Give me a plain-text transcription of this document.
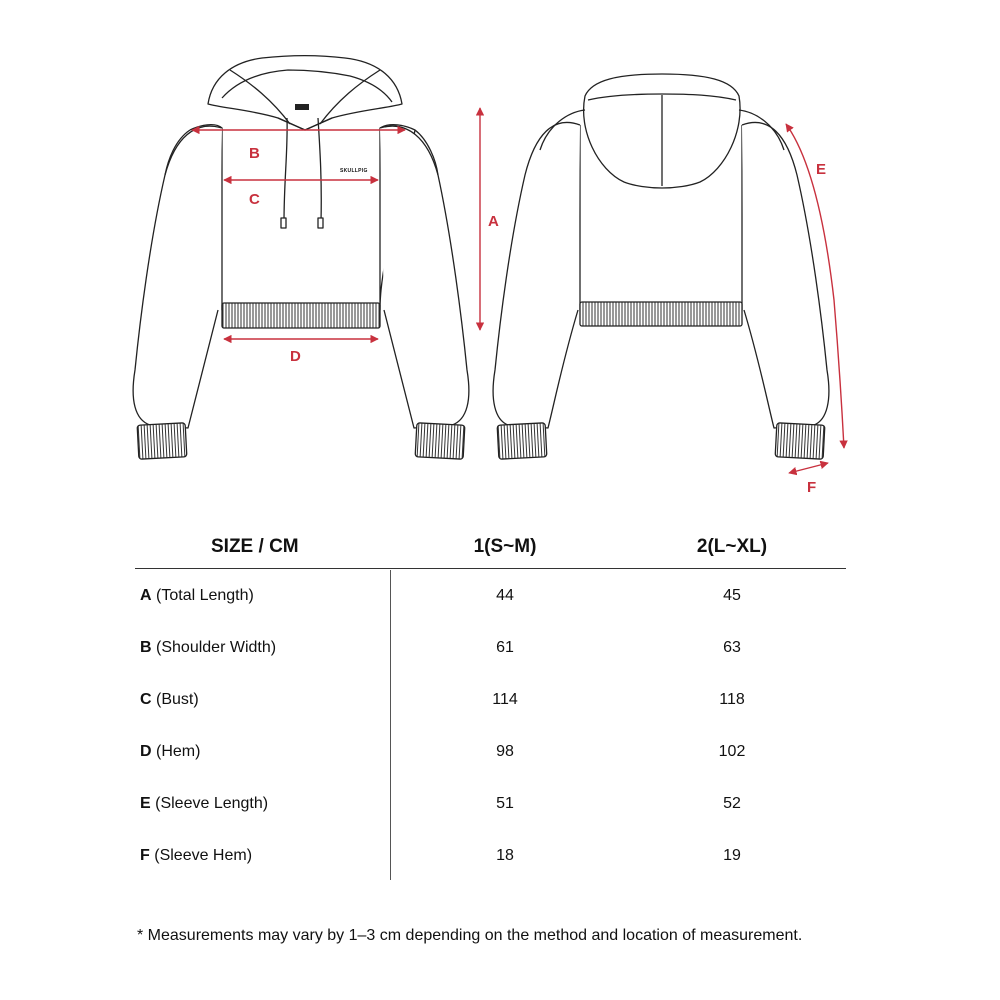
SKULLPIG
B
C
D
A
E
F
SIZE / CM	1(S~M)	2(L~XL)
A (Total Length)	44	45
B (Shoulder Width)	61	63
C (Bust)	114	118
D (Hem)	98	102
E (Sleeve Length)	51	52
F (Sleeve Hem)	18	19
* Measurements may vary by 1–3 cm depending on the method and location of measurement.
